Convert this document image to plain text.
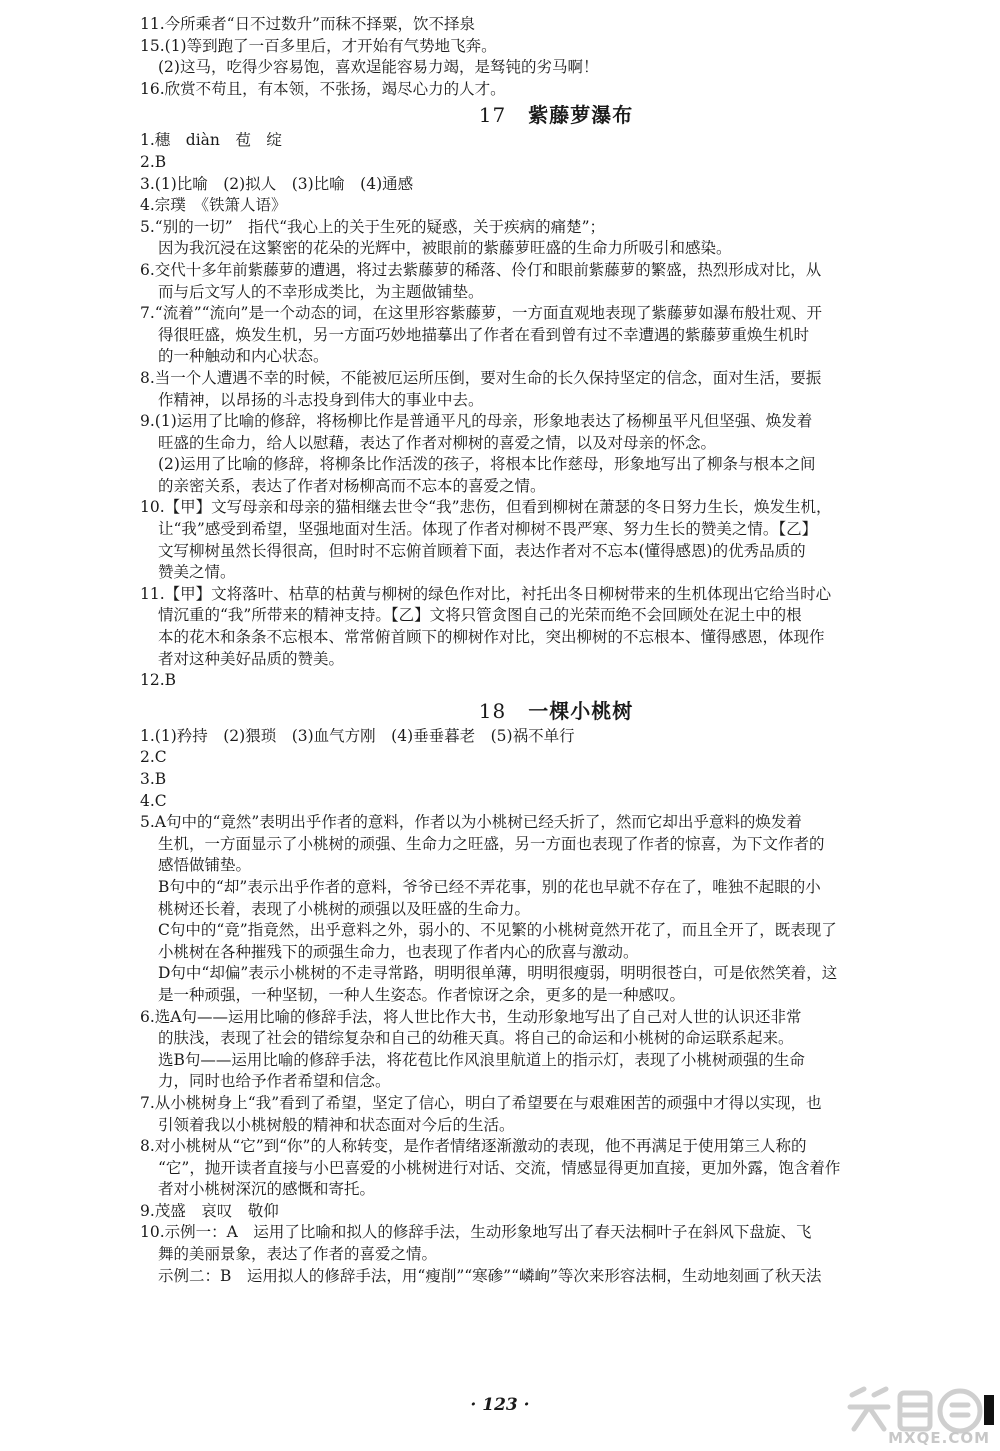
11.今所乘者“日不过数升”而秣不择粟，饮不择泉

15.(1)等到跑了一百多里后，才开始有气势地飞奔。

(2)这马，吃得少容易饱，喜欢逞能容易力竭，是驽钝的劣马啊！

16.欣赏不苟且，有本领，不张扬，竭尽心力的人才。

17 紫藤萝瀑布

1.穗　diàn　苞　绽

2.B

3.(1)比喻　(2)拟人　(3)比喻　(4)通感

4.宗璞　《铁箫人语》

5.“别的一切”　指代“我心上的关于生死的疑惑，关于疾病的痛楚”；

因为我沉浸在这繁密的花朵的光辉中，被眼前的紫藤萝旺盛的生命力所吸引和感染。

6.交代十多年前紫藤萝的遭遇，将过去紫藤萝的稀落、伶仃和眼前紫藤萝的繁盛，热烈形成对比，从

而与后文写人的不幸形成类比，为主题做铺垫。

7.“流着”“流向”是一个动态的词，在这里形容紫藤萝，一方面直观地表现了紫藤萝如瀑布般壮观、开

得很旺盛，焕发生机，另一方面巧妙地描摹出了作者在看到曾有过不幸遭遇的紫藤萝重焕生机时

的一种触动和内心状态。

8.当一个人遭遇不幸的时候，不能被厄运所压倒，要对生命的长久保持坚定的信念，面对生活，要振

作精神，以昂扬的斗志投身到伟大的事业中去。

9.(1)运用了比喻的修辞，将杨柳比作是普通平凡的母亲，形象地表达了杨柳虽平凡但坚强、焕发着

旺盛的生命力，给人以慰藉，表达了作者对柳树的喜爱之情，以及对母亲的怀念。

(2)运用了比喻的修辞，将柳条比作活泼的孩子，将根本比作慈母，形象地写出了柳条与根本之间

的亲密关系，表达了作者对杨柳高而不忘本的喜爱之情。

10.【甲】文写母亲和母亲的猫相继去世令“我”悲伤，但看到柳树在萧瑟的冬日努力生长，焕发生机，

让“我”感受到希望，坚强地面对生活。体现了作者对柳树不畏严寒、努力生长的赞美之情。【乙】

文写柳树虽然长得很高，但时时不忘俯首顾着下面，表达作者对不忘本(懂得感恩)的优秀品质的

赞美之情。

11.【甲】文将落叶、枯草的枯黄与柳树的绿色作对比，衬托出冬日柳树带来的生机体现出它给当时心

情沉重的“我”所带来的精神支持。【乙】文将只管贪图自己的光荣而绝不会回顾处在泥土中的根

本的花木和条条不忘根本、常常俯首顾下的柳树作对比，突出柳树的不忘根本、懂得感恩，体现作

者对这种美好品质的赞美。

12.B

18 一棵小桃树

1.(1)矜持　(2)猥琐　(3)血气方刚　(4)垂垂暮老　(5)祸不单行

2.C

3.B

4.C

5.A句中的“竟然”表明出乎作者的意料，作者以为小桃树已经夭折了，然而它却出乎意料的焕发着

生机，一方面显示了小桃树的顽强、生命力之旺盛，另一方面也表现了作者的惊喜，为下文作者的

感悟做铺垫。

B句中的“却”表示出乎作者的意料，爷爷已经不弄花事，别的花也早就不存在了，唯独不起眼的小

桃树还长着，表现了小桃树的顽强以及旺盛的生命力。

C句中的“竟”指竟然，出乎意料之外，弱小的、不见繁的小桃树竟然开花了，而且全开了，既表现了

小桃树在各种摧残下的顽强生命力，也表现了作者内心的欣喜与激动。

D句中“却偏”表示小桃树的不走寻常路，明明很单薄，明明很瘦弱，明明很苍白，可是依然笑着，这

是一种顽强，一种坚韧，一种人生姿态。作者惊讶之余，更多的是一种感叹。

6.选A句——运用比喻的修辞手法，将人世比作大书，生动形象地写出了自己对人世的认识还非常

的肤浅，表现了社会的错综复杂和自己的幼稚天真。将自己的命运和小桃树的命运联系起来。

选B句——运用比喻的修辞手法，将花苞比作风浪里航道上的指示灯，表现了小桃树顽强的生命

力，同时也给予作者希望和信念。

7.从小桃树身上“我”看到了希望，坚定了信心，明白了希望要在与艰难困苦的顽强中才得以实现，也

引领着我以小桃树般的精神和状态面对今后的生活。

8.对小桃树从“它”到“你”的人称转变，是作者情绪逐渐激动的表现，他不再满足于使用第三人称的

“它”，抛开读者直接与小巴喜爱的小桃树进行对话、交流，情感显得更加直接，更加外露，饱含着作

者对小桃树深沉的感慨和寄托。

9.茂盛　哀叹　敬仰

10.示例一：A　运用了比喻和拟人的修辞手法，生动形象地写出了春天法桐叶子在斜风下盘旋、飞

舞的美丽景象，表达了作者的喜爱之情。

示例二：B　运用拟人的修辞手法，用“瘦削”“寒碜”“嶙峋”等次来形容法桐，生动地刻画了秋天法

· 123 ·
MXQE.COM
